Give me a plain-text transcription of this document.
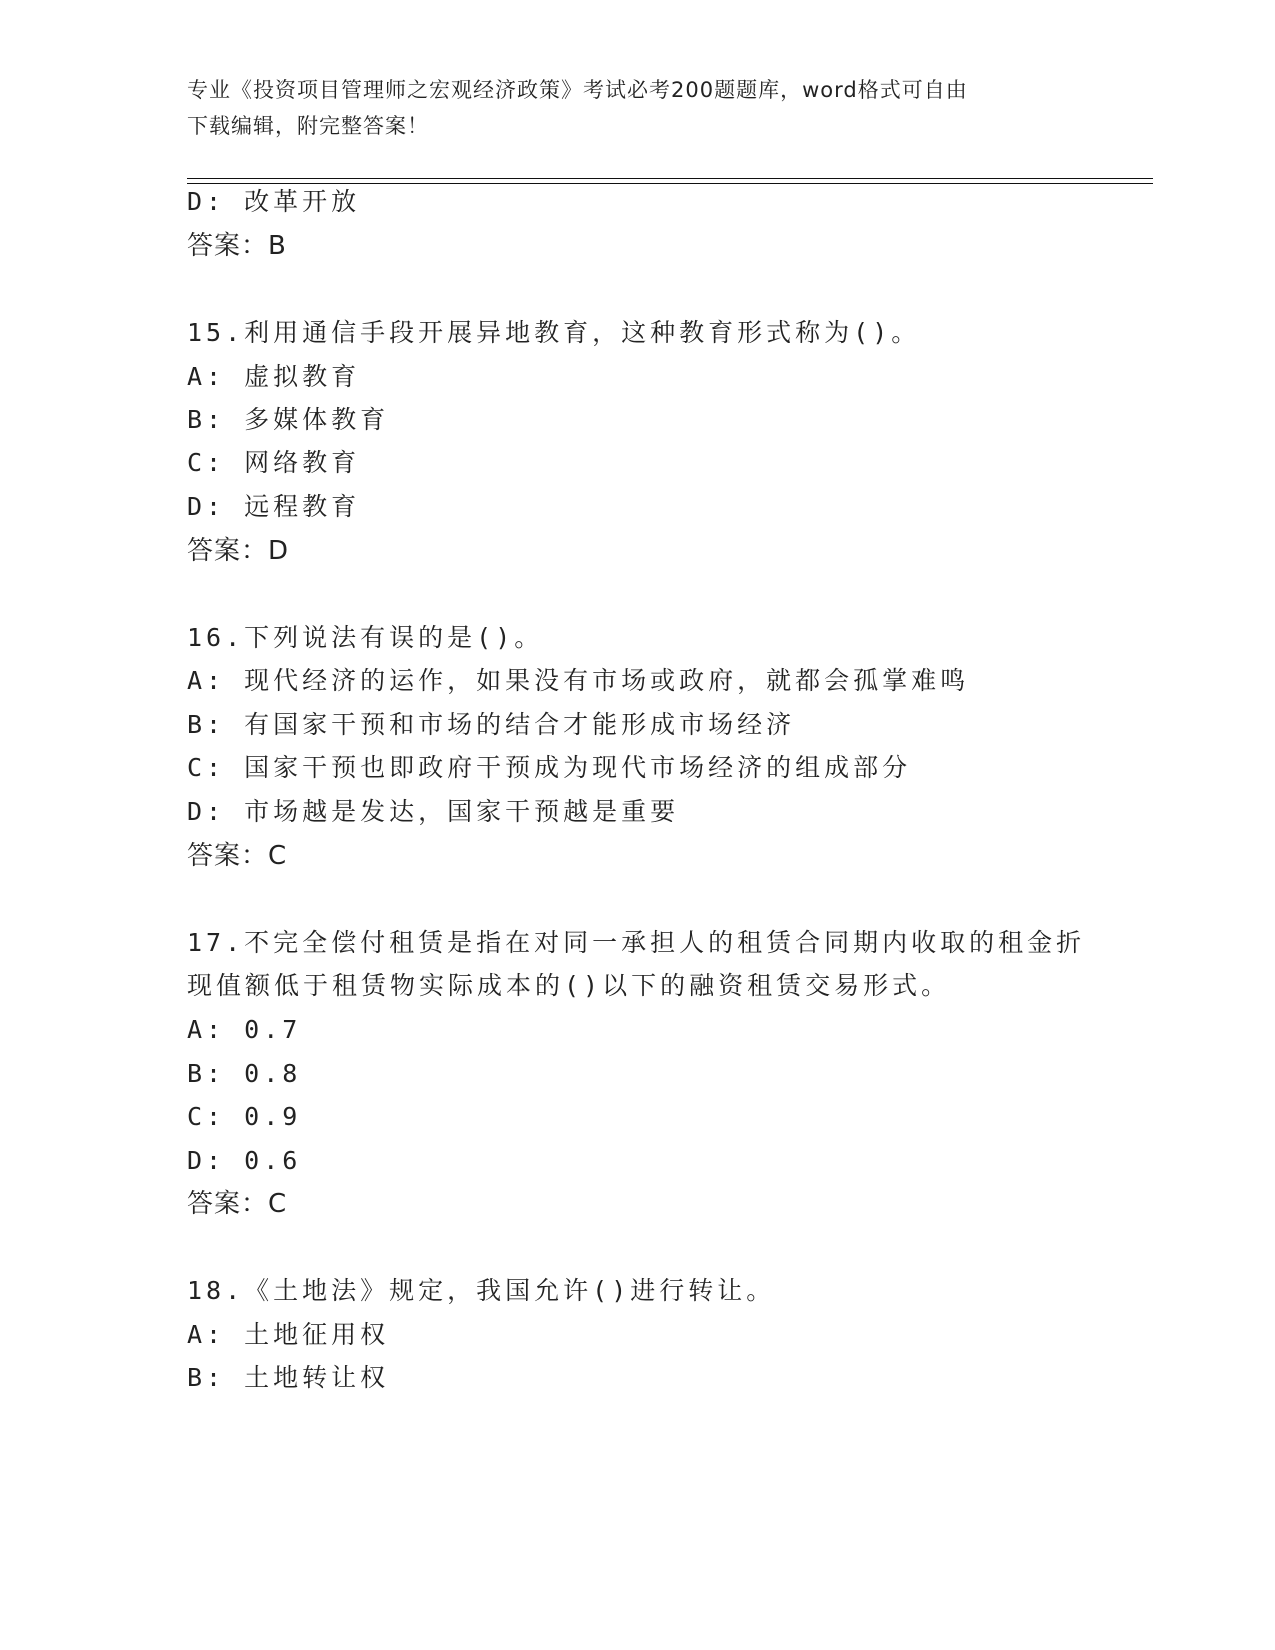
专业《投资项目管理师之宏观经济政策》考试必考200题题库，word格式可自由
下载编辑，附完整答案！
D: 改革开放
答案：B
15.利用通信手段开展异地教育，这种教育形式称为()。
A: 虚拟教育
B: 多媒体教育
C: 网络教育
D: 远程教育
答案：D
16.下列说法有误的是()。
A: 现代经济的运作，如果没有市场或政府，就都会孤掌难鸣
B: 有国家干预和市场的结合才能形成市场经济
C: 国家干预也即政府干预成为现代市场经济的组成部分
D: 市场越是发达，国家干预越是重要
答案：C
17.不完全偿付租赁是指在对同一承担人的租赁合同期内收取的租金折
现值额低于租赁物实际成本的()以下的融资租赁交易形式。
A: 0.7
B: 0.8
C: 0.9
D: 0.6
答案：C
18.《土地法》规定，我国允许()进行转让。
A: 土地征用权
B: 土地转让权
